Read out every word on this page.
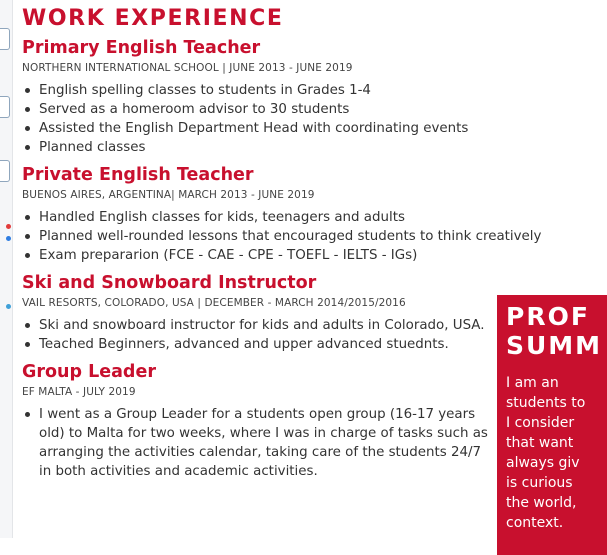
WORK EXPERIENCE
Primary English Teacher
NORTHERN INTERNATIONAL SCHOOL | JUNE 2013 - JUNE 2019
English spelling classes to students in Grades 1-4
Served as a homeroom advisor to 30 students
Assisted the English Department Head with coordinating events
Planned classes
Private English Teacher
BUENOS AIRES, ARGENTINA| MARCH 2013 - JUNE 2019
Handled English classes for kids, teenagers and adults
Planned well-rounded lessons that encouraged students to think creatively
Exam prepararion (FCE - CAE - CPE - TOEFL - IELTS - IGs)
Ski and Snowboard Instructor
VAIL RESORTS, COLORADO, USA | DECEMBER - MARCH 2014/2015/2016
Ski and snowboard instructor for kids and adults in Colorado, USA.
Teached Beginners, advanced and upper advanced stuednts.
Group Leader
EF MALTA - JULY 2019
I went as a Group Leader for a students open group (16-17 years old) to Malta for two weeks, where I was in charge of tasks such as arranging the activities calendar, taking care of the students 24/7 in both activities and academic activities.
PROF
SUMM

I am an
students to
I consider
that want
always giv
is curious
the world,
context.
